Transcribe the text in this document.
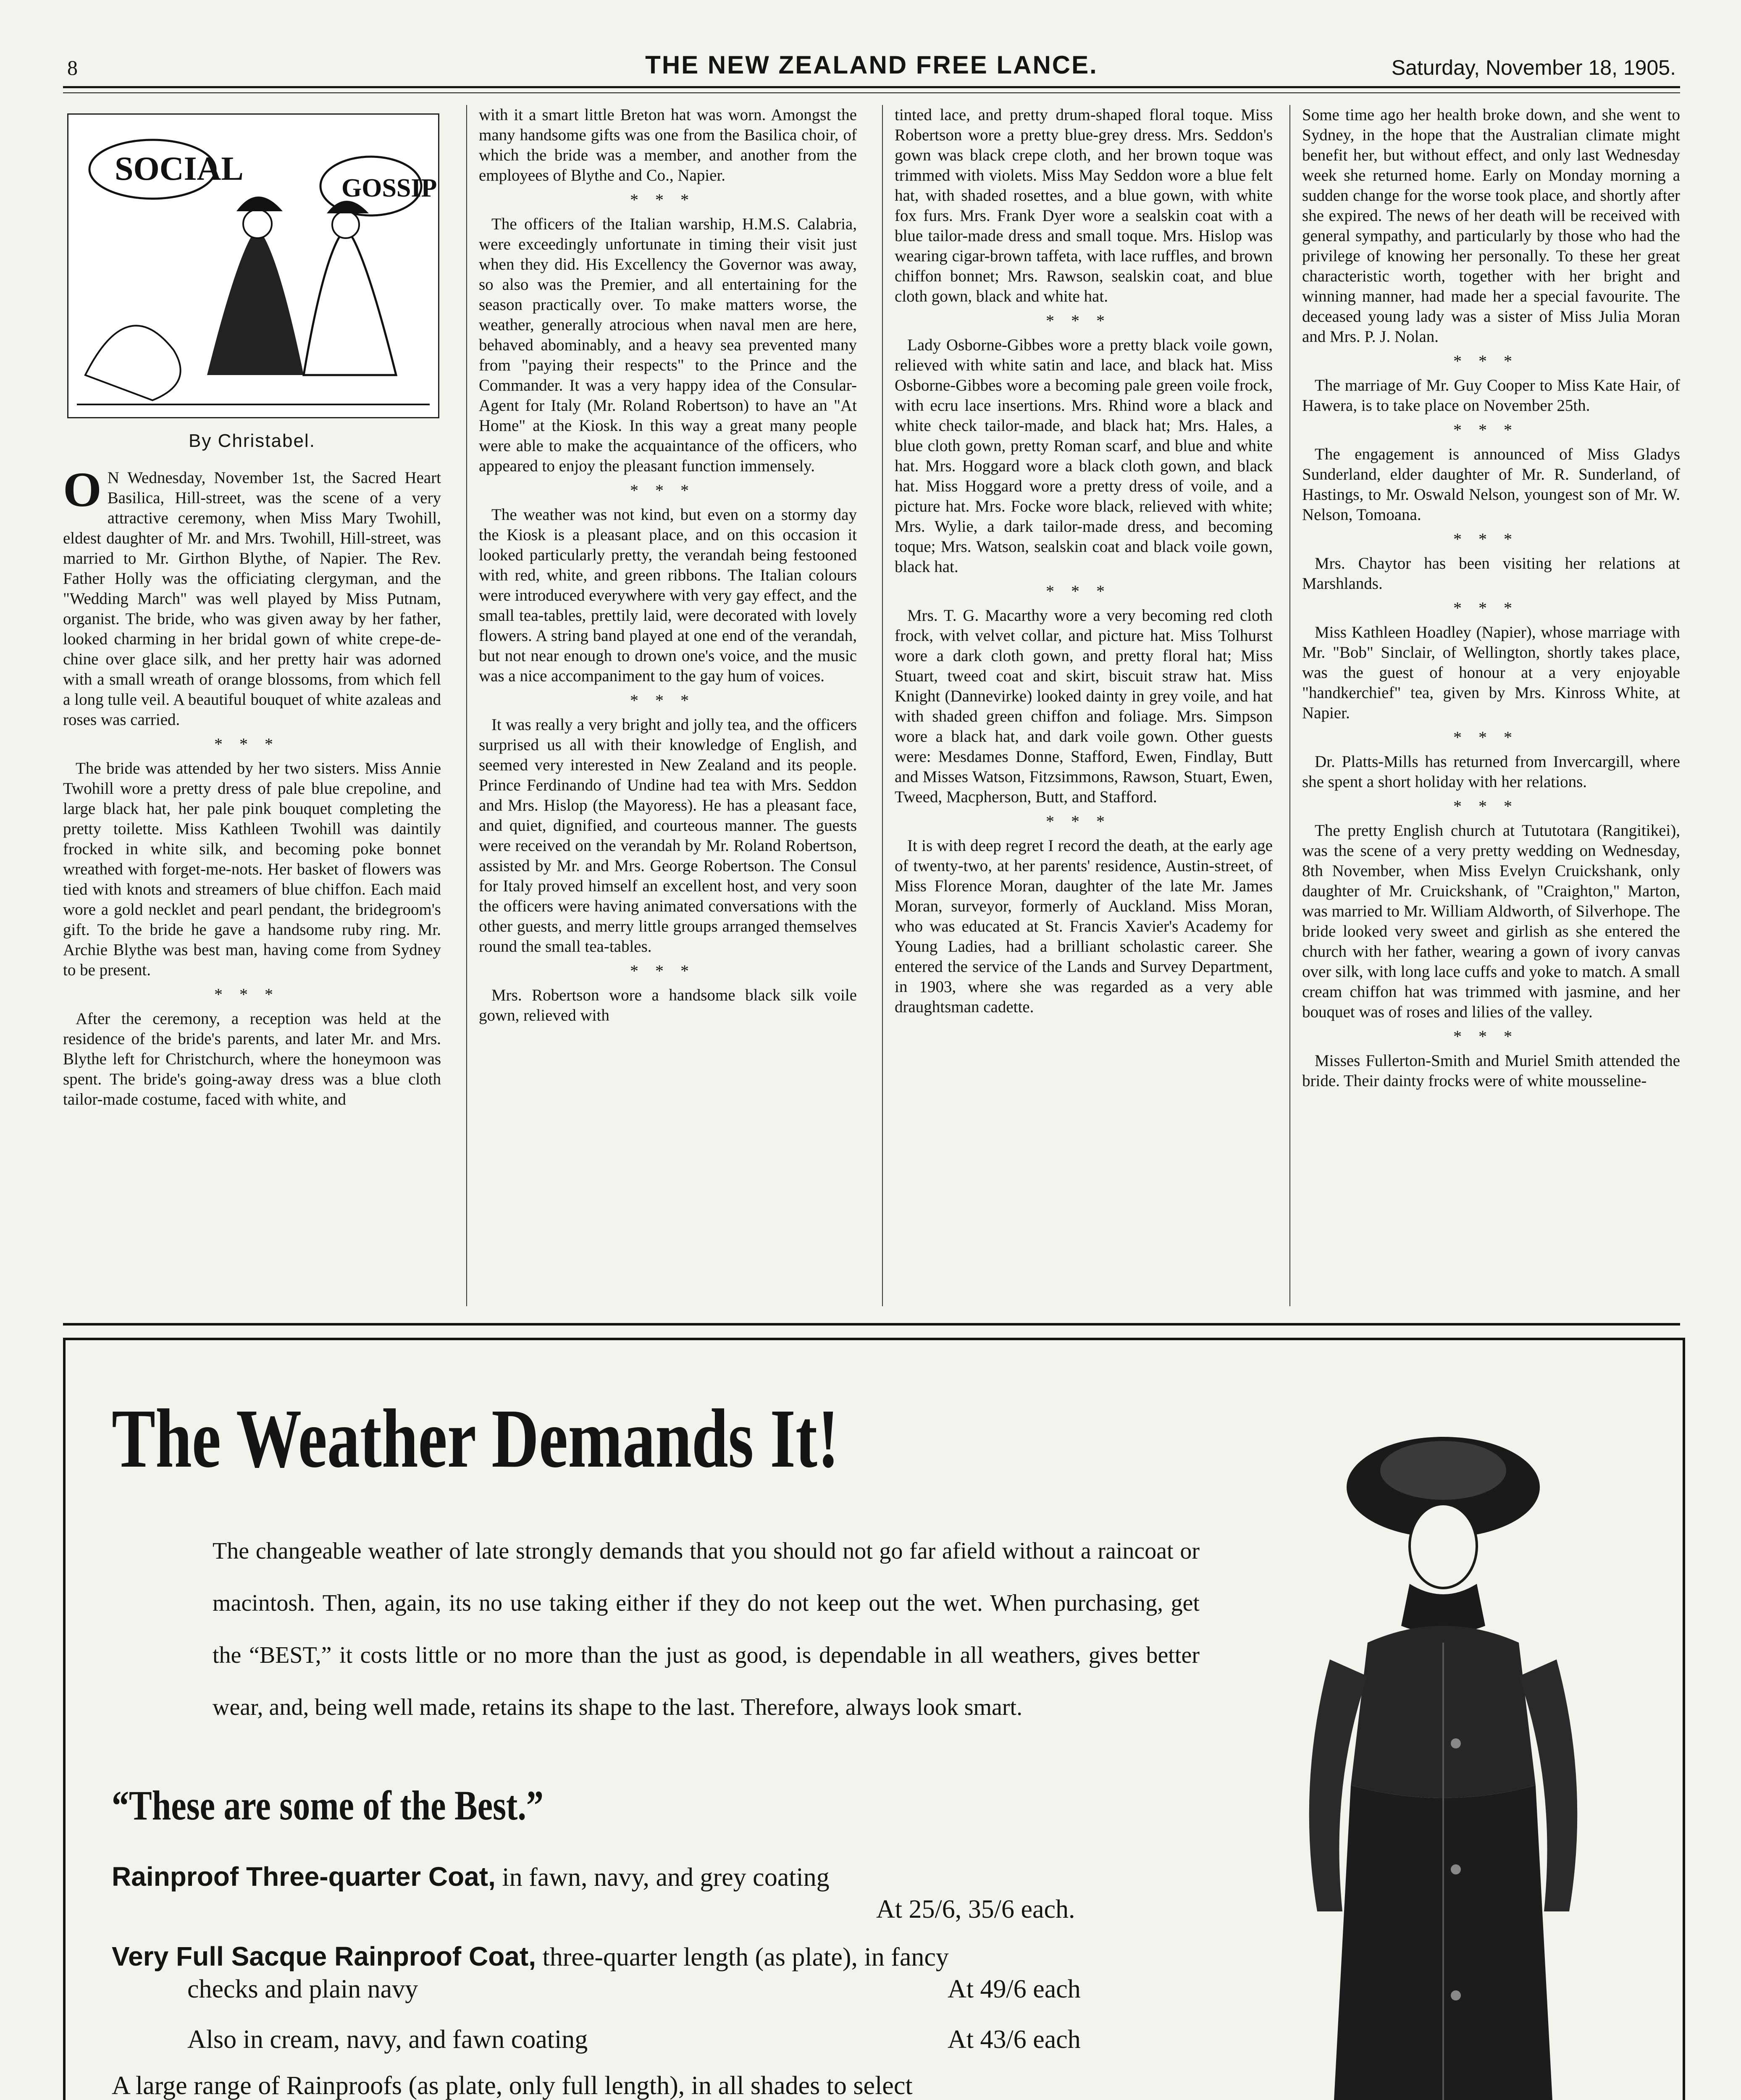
8	THE NEW ZEALAND FREE LANCE.	Saturday, November 18, 1905.
SOCIAL
GOSSIP
By Christabel.

O N Wednesday, November 1st, the Sacred Heart Basilica, Hill-street, was the scene of a very attractive ceremony, when Miss Mary Twohill, eldest daughter of Mr. and Mrs. Twohill, Hill-street, was married to Mr. Girthon Blythe, of Napier. The Rev. Father Holly was the officiating clergyman, and the "Wedding March" was well played by Miss Putnam, organist. The bride, who was given away by her father, looked charming in her bridal gown of white crepe-de-chine over glace silk, and her pretty hair was adorned with a small wreath of orange blossoms, from which fell a long tulle veil. A beautiful bouquet of white azaleas and roses was carried.

***

The bride was attended by her two sisters. Miss Annie Twohill wore a pretty dress of pale blue crepoline, and large black hat, her pale pink bouquet completing the pretty toilette. Miss Kathleen Twohill was daintily frocked in white silk, and becoming poke bonnet wreathed with forget-me-nots. Her basket of flowers was tied with knots and streamers of blue chiffon. Each maid wore a gold necklet and pearl pendant, the bridegroom's gift. To the bride he gave a handsome ruby ring. Mr. Archie Blythe was best man, having come from Sydney to be present.

***

After the ceremony, a reception was held at the residence of the bride's parents, and later Mr. and Mrs. Blythe left for Christchurch, where the honeymoon was spent. The bride's going-away dress was a blue cloth tailor-made costume, faced with white, and

with it a smart little Breton hat was worn. Amongst the many handsome gifts was one from the Basilica choir, of which the bride was a member, and another from the employees of Blythe and Co., Napier.

***

The officers of the Italian warship, H.M.S. Calabria, were exceedingly unfortunate in timing their visit just when they did. His Excellency the Governor was away, so also was the Premier, and all entertaining for the season practically over. To make matters worse, the weather, generally atrocious when naval men are here, behaved abominably, and a heavy sea prevented many from "paying their respects" to the Prince and the Commander. It was a very happy idea of the Consular-Agent for Italy (Mr. Roland Robertson) to have an "At Home" at the Kiosk. In this way a great many people were able to make the acquaintance of the officers, who appeared to enjoy the pleasant function immensely.

***

The weather was not kind, but even on a stormy day the Kiosk is a pleasant place, and on this occasion it looked particularly pretty, the verandah being festooned with red, white, and green ribbons. The Italian colours were introduced everywhere with very gay effect, and the small tea-tables, prettily laid, were decorated with lovely flowers. A string band played at one end of the verandah, but not near enough to drown one's voice, and the music was a nice accompaniment to the gay hum of voices.

***

It was really a very bright and jolly tea, and the officers surprised us all with their knowledge of English, and seemed very interested in New Zealand and its people. Prince Ferdinando of Undine had tea with Mrs. Seddon and Mrs. Hislop (the Mayoress). He has a pleasant face, and quiet, dignified, and courteous manner. The guests were received on the verandah by Mr. Roland Robertson, assisted by Mr. and Mrs. George Robertson. The Consul for Italy proved himself an excellent host, and very soon the officers were having animated conversations with the other guests, and merry little groups arranged themselves round the small tea-tables.

***

Mrs. Robertson wore a handsome black silk voile gown, relieved with

tinted lace, and pretty drum-shaped floral toque. Miss Robertson wore a pretty blue-grey dress. Mrs. Seddon's gown was black crepe cloth, and her brown toque was trimmed with violets. Miss May Seddon wore a blue felt hat, with shaded rosettes, and a blue gown, with white fox furs. Mrs. Frank Dyer wore a sealskin coat with a blue tailor-made dress and small toque. Mrs. Hislop was wearing cigar-brown taffeta, with lace ruffles, and brown chiffon bonnet; Mrs. Rawson, sealskin coat, and blue cloth gown, black and white hat.

***

Lady Osborne-Gibbes wore a pretty black voile gown, relieved with white satin and lace, and black hat. Miss Osborne-Gibbes wore a becoming pale green voile frock, with ecru lace insertions. Mrs. Rhind wore a black and white check tailor-made, and black hat; Mrs. Hales, a blue cloth gown, pretty Roman scarf, and blue and white hat. Mrs. Hoggard wore a black cloth gown, and black hat. Miss Hoggard wore a pretty dress of voile, and a picture hat. Mrs. Focke wore black, relieved with white; Mrs. Wylie, a dark tailor-made dress, and becoming toque; Mrs. Watson, sealskin coat and black voile gown, black hat.

***

Mrs. T. G. Macarthy wore a very becoming red cloth frock, with velvet collar, and picture hat. Miss Tolhurst wore a dark cloth gown, and pretty floral hat; Miss Stuart, tweed coat and skirt, biscuit straw hat. Miss Knight (Dannevirke) looked dainty in grey voile, and hat with shaded green chiffon and foliage. Mrs. Simpson wore a black hat, and dark voile gown. Other guests were: Mesdames Donne, Stafford, Ewen, Findlay, Butt and Misses Watson, Fitzsimmons, Rawson, Stuart, Ewen, Tweed, Macpherson, Butt, and Stafford.

***

It is with deep regret I record the death, at the early age of twenty-two, at her parents' residence, Austin-street, of Miss Florence Moran, daughter of the late Mr. James Moran, surveyor, formerly of Auckland. Miss Moran, who was educated at St. Francis Xavier's Academy for Young Ladies, had a brilliant scholastic career. She entered the service of the Lands and Survey Department, in 1903, where she was regarded as a very able draughtsman cadette.

Some time ago her health broke down, and she went to Sydney, in the hope that the Australian climate might benefit her, but without effect, and only last Wednesday week she returned home. Early on Monday morning a sudden change for the worse took place, and shortly after she expired. The news of her death will be received with general sympathy, and particularly by those who had the privilege of knowing her personally. To these her great characteristic worth, together with her bright and winning manner, had made her a special favourite. The deceased young lady was a sister of Miss Julia Moran and Mrs. P. J. Nolan.

***

The marriage of Mr. Guy Cooper to Miss Kate Hair, of Hawera, is to take place on November 25th.

***

The engagement is announced of Miss Gladys Sunderland, elder daughter of Mr. R. Sunderland, of Hastings, to Mr. Oswald Nelson, youngest son of Mr. W. Nelson, Tomoana.

***

Mrs. Chaytor has been visiting her relations at Marshlands.

***

Miss Kathleen Hoadley (Napier), whose marriage with Mr. "Bob" Sinclair, of Wellington, shortly takes place, was the guest of honour at a very enjoyable "handkerchief" tea, given by Mrs. Kinross White, at Napier.

***

Dr. Platts-Mills has returned from Invercargill, where she spent a short holiday with her relations.

***

The pretty English church at Tututotara (Rangitikei), was the scene of a very pretty wedding on Wednesday, 8th November, when Miss Evelyn Cruickshank, only daughter of Mr. Cruickshank, of "Craighton," Marton, was married to Mr. William Aldworth, of Silverhope. The bride looked very sweet and girlish as she entered the church with her father, wearing a gown of ivory canvas over silk, with long lace cuffs and yoke to match. A small cream chiffon hat was trimmed with jasmine, and her bouquet was of roses and lilies of the valley.

***

Misses Fullerton-Smith and Muriel Smith attended the bride. Their dainty frocks were of white mousseline-

The Weather Demands It!
The changeable weather of late strongly demands that you should not go far afield without a raincoat or macintosh. Then, again, its no use taking either if they do not keep out the wet. When purchasing, get the “BEST,” it costs little or no more than the just as good, is dependable in all weathers, gives better wear, and, being well made, retains its shape to the last. Therefore, always look smart.
“These are some of the Best.”
Rainproof Three-quarter Coat, in fawn, navy, and grey coating
At 25/6, 35/6 each.
Very Full Sacque Rainproof Coat, three-quarter length (as plate), in fancy
checks and plain navy	At 49/6 each
Also in cream, navy, and fawn coating	At 43/6 each
A large range of Rainproofs (as plate, only full length), in all shades to select
